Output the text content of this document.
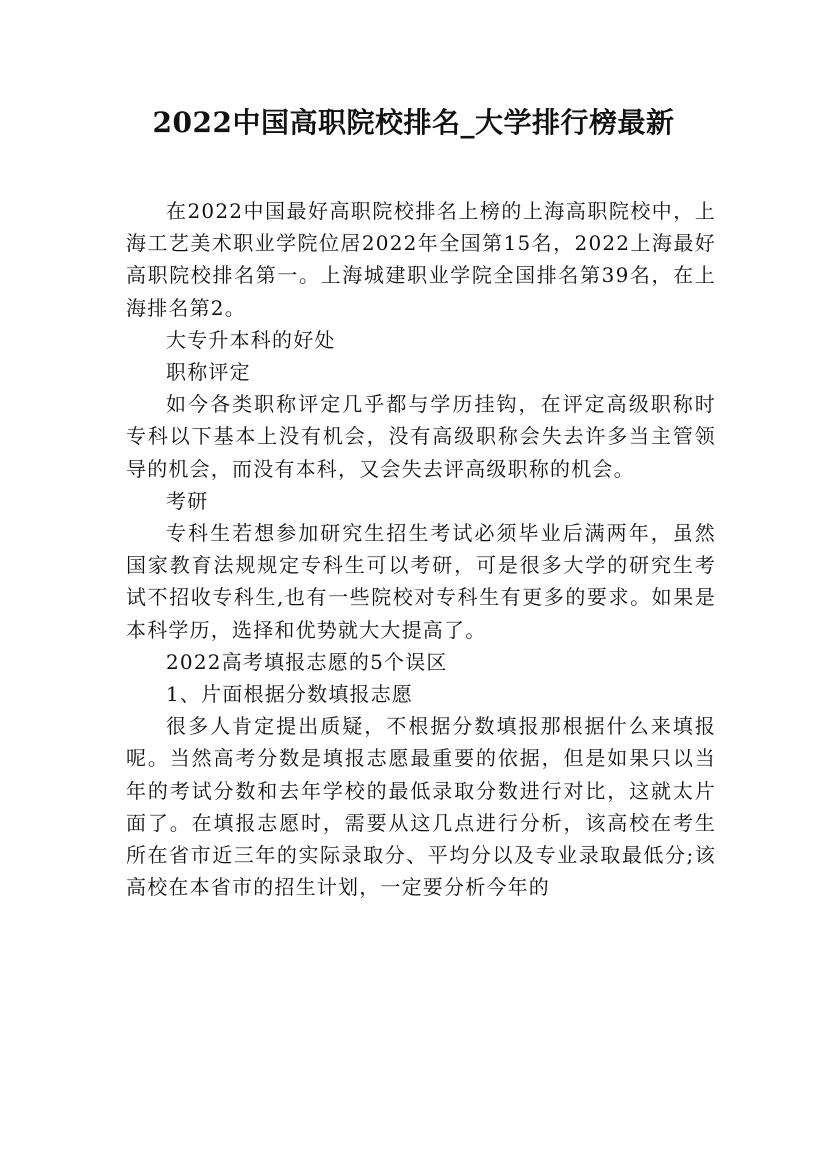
2022中国高职院校排名_大学排行榜最新

在2022中国最好高职院校排名上榜的上海高职院校中，上海工艺美术职业学院位居2022年全国第15名，2022上海最好高职院校排名第一。上海城建职业学院全国排名第39名，在上海排名第2。

大专升本科的好处

职称评定

如今各类职称评定几乎都与学历挂钩，在评定高级职称时专科以下基本上没有机会，没有高级职称会失去许多当主管领导的机会，而没有本科，又会失去评高级职称的机会。

考研

专科生若想参加研究生招生考试必须毕业后满两年，虽然国家教育法规规定专科生可以考研，可是很多大学的研究生考试不招收专科生,也有一些院校对专科生有更多的要求。如果是本科学历，选择和优势就大大提高了。

2022高考填报志愿的5个误区

1、片面根据分数填报志愿

很多人肯定提出质疑，不根据分数填报那根据什么来填报呢。当然高考分数是填报志愿最重要的依据，但是如果只以当年的考试分数和去年学校的最低录取分数进行对比，这就太片面了。在填报志愿时，需要从这几点进行分析，该高校在考生所在省市近三年的实际录取分、平均分以及专业录取最低分;该高校在本省市的招生计划，一定要分析今年的
